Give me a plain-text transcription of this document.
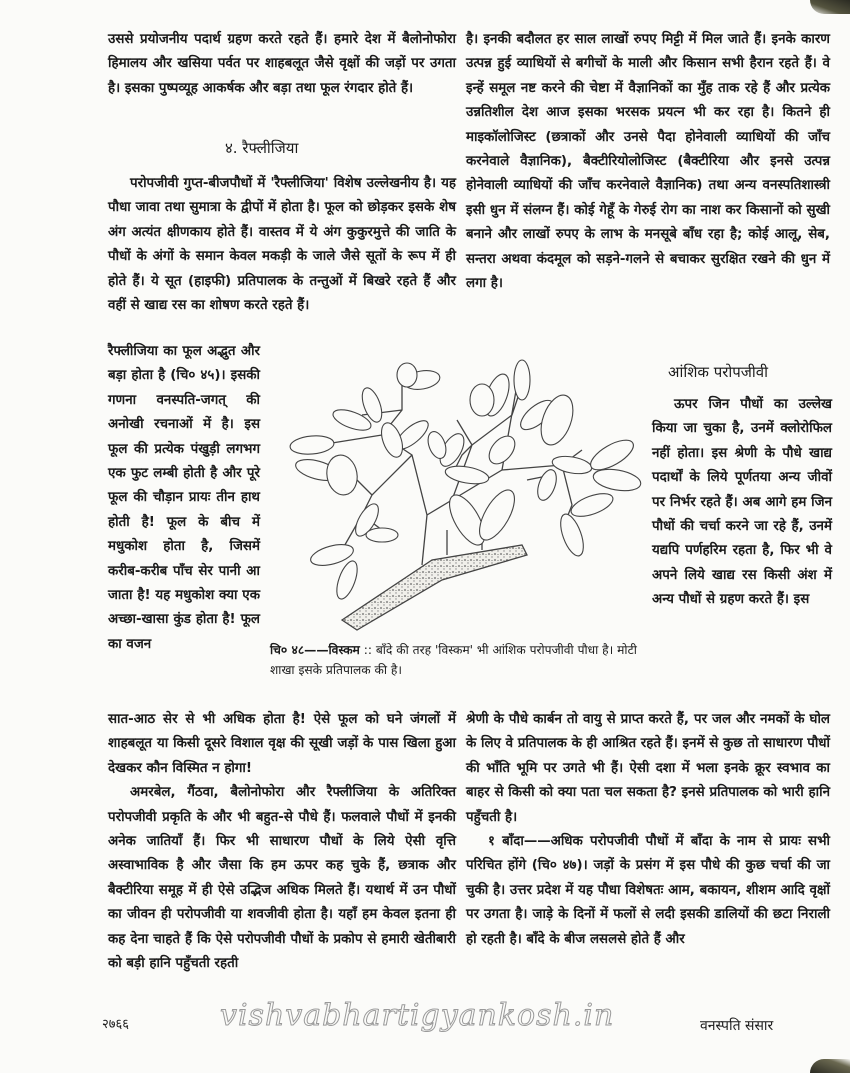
उससे प्रयोजनीय पदार्थ ग्रहण करते रहते हैं। हमारे देश में बैलोनोफोरा हिमालय और खसिया पर्वत पर शाहबलूत जैसे वृक्षों की जड़ों पर उगता है। इसका पुष्पव्यूह आकर्षक और बड़ा तथा फूल रंगदार होते हैं।

४. रैफ्लीजिया

परोपजीवी गुप्त-बीजपौधों में 'रैफ्लीजिया' विशेष उल्लेखनीय है। यह पौधा जावा तथा सुमात्रा के द्वीपों में होता है। फूल को छोड़कर इसके शेष अंग अत्यंत क्षीणकाय होते हैं। वास्तव में ये अंग कुकुरमुत्ते की जाति के पौधों के अंगों के समान केवल मकड़ी के जाले जैसे सूतों के रूप में ही होते हैं। ये सूत (हाइफी) प्रतिपालक के तन्तुओं में बिखरे रहते हैं और वहीं से खाद्य रस का शोषण करते रहते हैं।

रैफ्लीजिया का फूल अद्भुत और बड़ा होता है (चि० ४५)। इसकी गणना वनस्पति-जगत् की अनोखी रचनाओं में है। इस फूल की प्रत्येक पंखुड़ी लगभग एक फुट लम्बी होती है और पूरे फूल की चौड़ान प्रायः तीन हाथ होती है! फूल के बीच में मधुकोश होता है, जिसमें करीब-करीब पाँच सेर पानी आ जाता है! यह मधुकोश क्या एक अच्छा-खासा कुंड होता है! फूल का वजन

है। इनकी बदौलत हर साल लाखों रुपए मिट्टी में मिल जाते हैं। इनके कारण उत्पन्न हुई व्याधियों से बगीचों के माली और किसान सभी हैरान रहते हैं। वे इन्हें समूल नष्ट करने की चेष्टा में वैज्ञानिकों का मुँह ताक रहे हैं और प्रत्येक उन्नतिशील देश आज इसका भरसक प्रयत्न भी कर रहा है। कितने ही माइकॉलोजिस्ट (छत्राकों और उनसे पैदा होनेवाली व्याधियों की जाँच करनेवाले वैज्ञानिक), बैक्टीरियोलोजिस्ट (बैक्टीरिया और इनसे उत्पन्न होनेवाली व्याधियों की जाँच करनेवाले वैज्ञानिक) तथा अन्य वनस्पतिशास्त्री इसी धुन में संलग्न हैं। कोई गेहूँ के गेरुई रोग का नाश कर किसानों को सुखी बनाने और लाखों रुपए के लाभ के मनसूबे बाँध रहा है; कोई आलू, सेब, सन्तरा अथवा कंदमूल को सड़ने-गलने से बचाकर सुरक्षित रखने की धुन में लगा है।

आंशिक परोपजीवी

ऊपर जिन पौधों का उल्लेख किया जा चुका है, उनमें क्लोरोफिल नहीं होता। इस श्रेणी के पौधे खाद्य पदार्थों के लिये पूर्णतया अन्य जीवों पर निर्भर रहते हैं। अब आगे हम जिन पौधों की चर्चा करने जा रहे हैं, उनमें यद्यपि पर्णहरिम रहता है, फिर भी वे अपने लिये खाद्य रस किसी अंश में अन्य पौधों से ग्रहण करते हैं। इस

चि० ४८——विस्कम :: बाँदे की तरह 'विस्कम' भी आंशिक परोपजीवी पौधा है। मोटी शाखा इसके प्रतिपालक की है।

सात-आठ सेर से भी अधिक होता है! ऐसे फूल को घने जंगलों में शाहबलूत या किसी दूसरे विशाल वृक्ष की सूखी जड़ों के पास खिला हुआ देखकर कौन विस्मित न होगा!

अमरबेल, गैंठवा, बैलोनोफोरा और रैफ्लीजिया के अतिरिक्त परोपजीवी प्रकृति के और भी बहुत-से पौधे हैं। फलवाले पौधों में इनकी अनेक जातियाँ हैं। फिर भी साधारण पौधों के लिये ऐसी वृत्ति अस्वाभाविक है और जैसा कि हम ऊपर कह चुके हैं, छत्राक और बैक्टीरिया समूह में ही ऐसे उद्भिज अधिक मिलते हैं। यथार्थ में उन पौधों का जीवन ही परोपजीवी या शवजीवी होता है। यहाँ हम केवल इतना ही कह देना चाहते हैं कि ऐसे परोपजीवी पौधों के प्रकोप से हमारी खेतीबारी को बड़ी हानि पहुँचती रहती

श्रेणी के पौधे कार्बन तो वायु से प्राप्त करते हैं, पर जल और नमकों के घोल के लिए वे प्रतिपालक के ही आश्रित रहते हैं। इनमें से कुछ तो साधारण पौधों की भाँति भूमि पर उगते भी हैं। ऐसी दशा में भला इनके क्रूर स्वभाव का बाहर से किसी को क्या पता चल सकता है? इनसे प्रतिपालक को भारी हानि पहुँचती है।

१ बाँदा——अधिक परोपजीवी पौधों में बाँदा के नाम से प्रायः सभी परिचित होंगे (चि० ४७)। जड़ों के प्रसंग में इस पौधे की कुछ चर्चा की जा चुकी है। उत्तर प्रदेश में यह पौधा विशेषतः आम, बकायन, शीशम आदि वृक्षों पर उगता है। जाड़े के दिनों में फलों से लदी इसकी डालियों की छटा निराली हो रहती है। बाँदे के बीज लसलसे होते हैं और

२७६६	vishvabhartigyankosh.in	वनस्पति संसार
